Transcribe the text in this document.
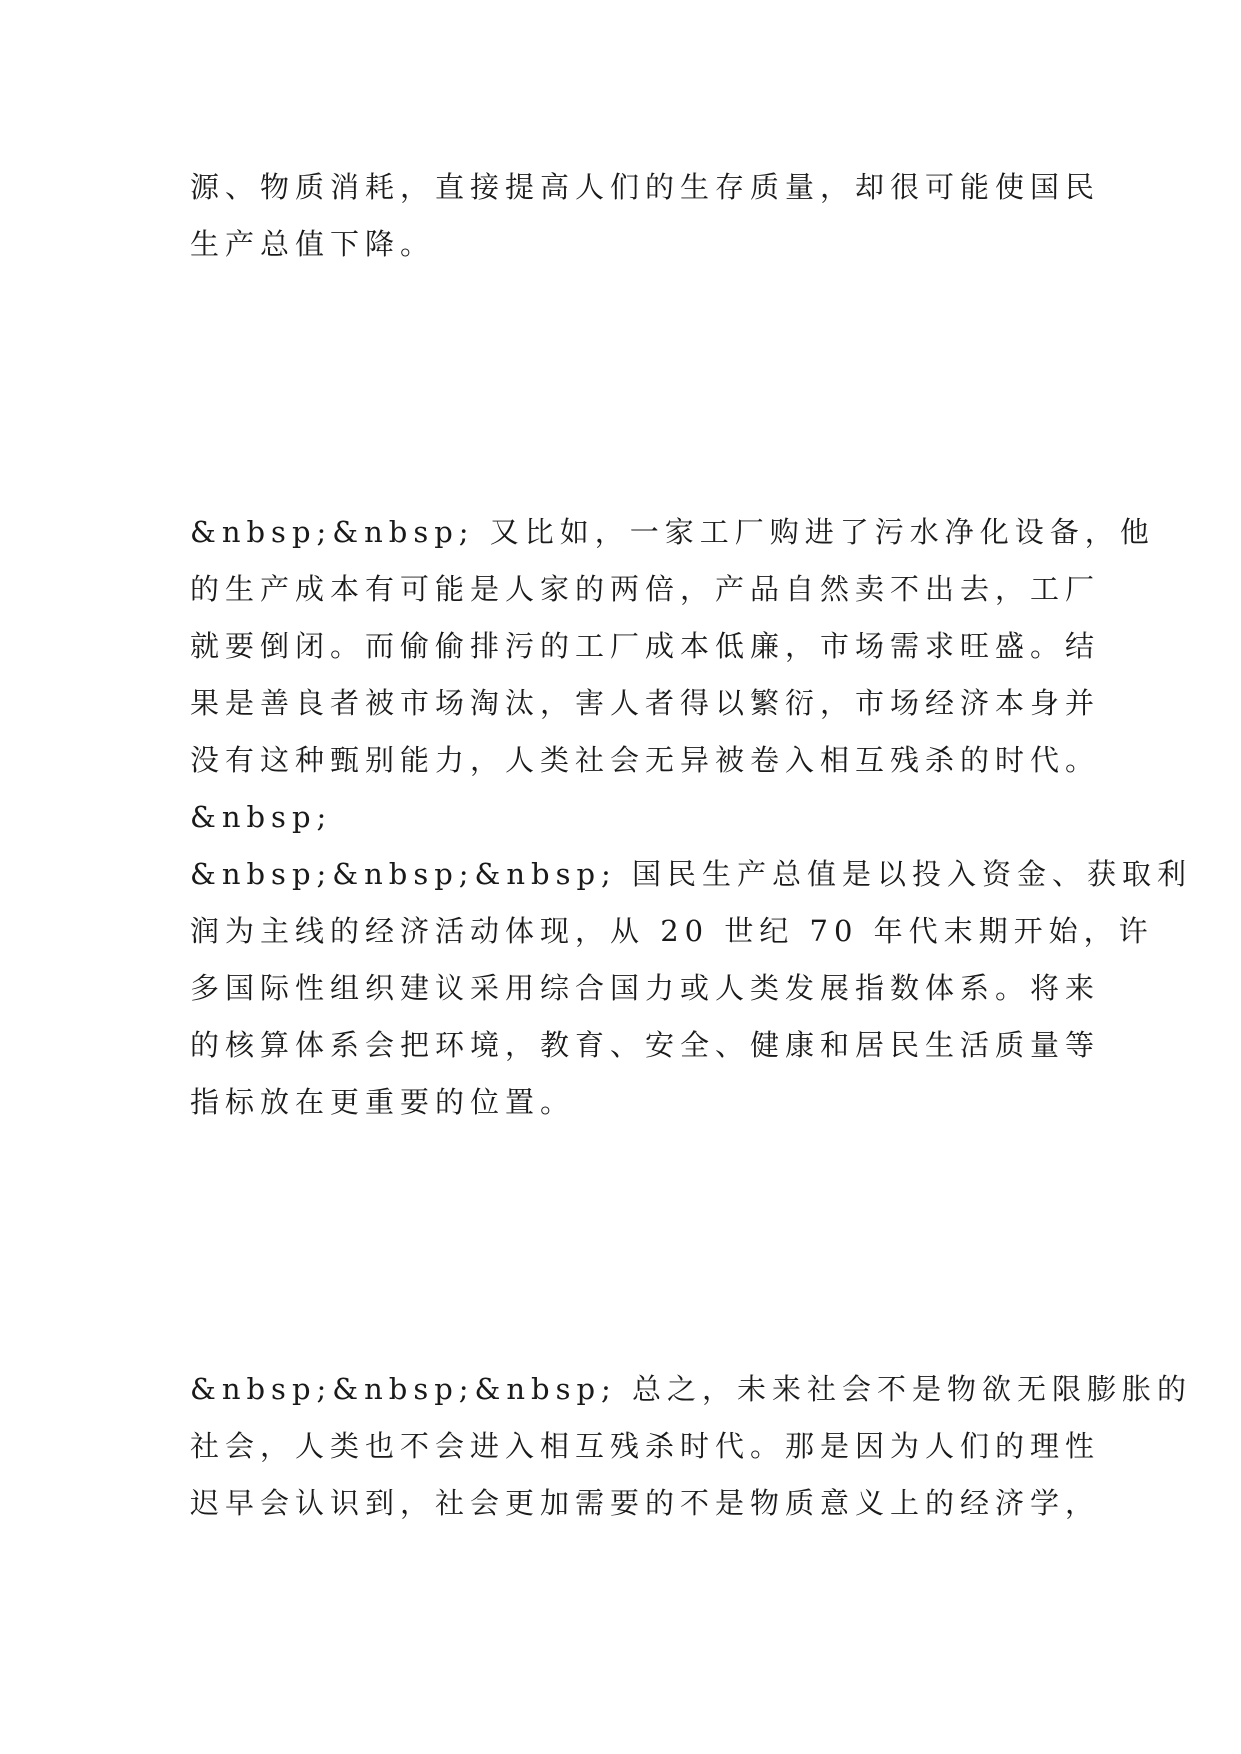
源、物质消耗，直接提高人们的生存质量，却很可能使国民
生产总值下降。
&nbsp;&nbsp; 又比如，一家工厂购进了污水净化设备，他
的生产成本有可能是人家的两倍，产品自然卖不出去，工厂
就要倒闭。而偷偷排污的工厂成本低廉，市场需求旺盛。结
果是善良者被市场淘汰，害人者得以繁衍，市场经济本身并
没有这种甄别能力，人类社会无异被卷入相互残杀的时代。
&nbsp;
&nbsp;&nbsp;&nbsp; 国民生产总值是以投入资金、获取利
润为主线的经济活动体现，从 20 世纪 70 年代末期开始，许
多国际性组织建议采用综合国力或人类发展指数体系。将来
的核算体系会把环境，教育、安全、健康和居民生活质量等
指标放在更重要的位置。
&nbsp;&nbsp;&nbsp; 总之，未来社会不是物欲无限膨胀的
社会，人类也不会进入相互残杀时代。那是因为人们的理性
迟早会认识到，社会更加需要的不是物质意义上的经济学，
